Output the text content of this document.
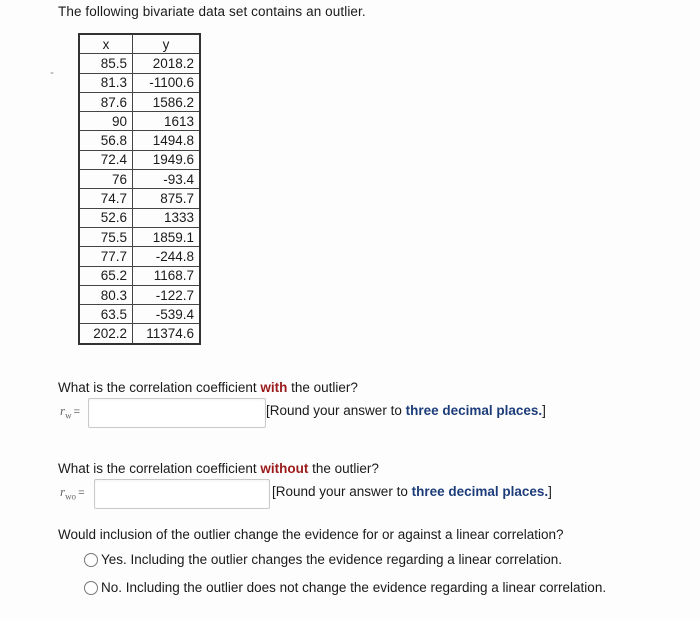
The following bivariate data set contains an outlier.
-
x	y
85.5	2018.2
81.3	-1100.6
87.6	1586.2
90	1613
56.8	1494.8
72.4	1949.6
76	-93.4
74.7	875.7
52.6	1333
75.5	1859.1
77.7	-244.8
65.2	1168.7
80.3	-122.7
63.5	-539.4
202.2	11374.6
What is the correlation coefficient with the outlier?
$r_w$ =	[Round your answer to three decimal places.]
What is the correlation coefficient without the outlier?
$r_{wo}$ =	[Round your answer to three decimal places.]
Would inclusion of the outlier change the evidence for or against a linear correlation?
Yes. Including the outlier changes the evidence regarding a linear correlation.
No. Including the outlier does not change the evidence regarding a linear correlation.
